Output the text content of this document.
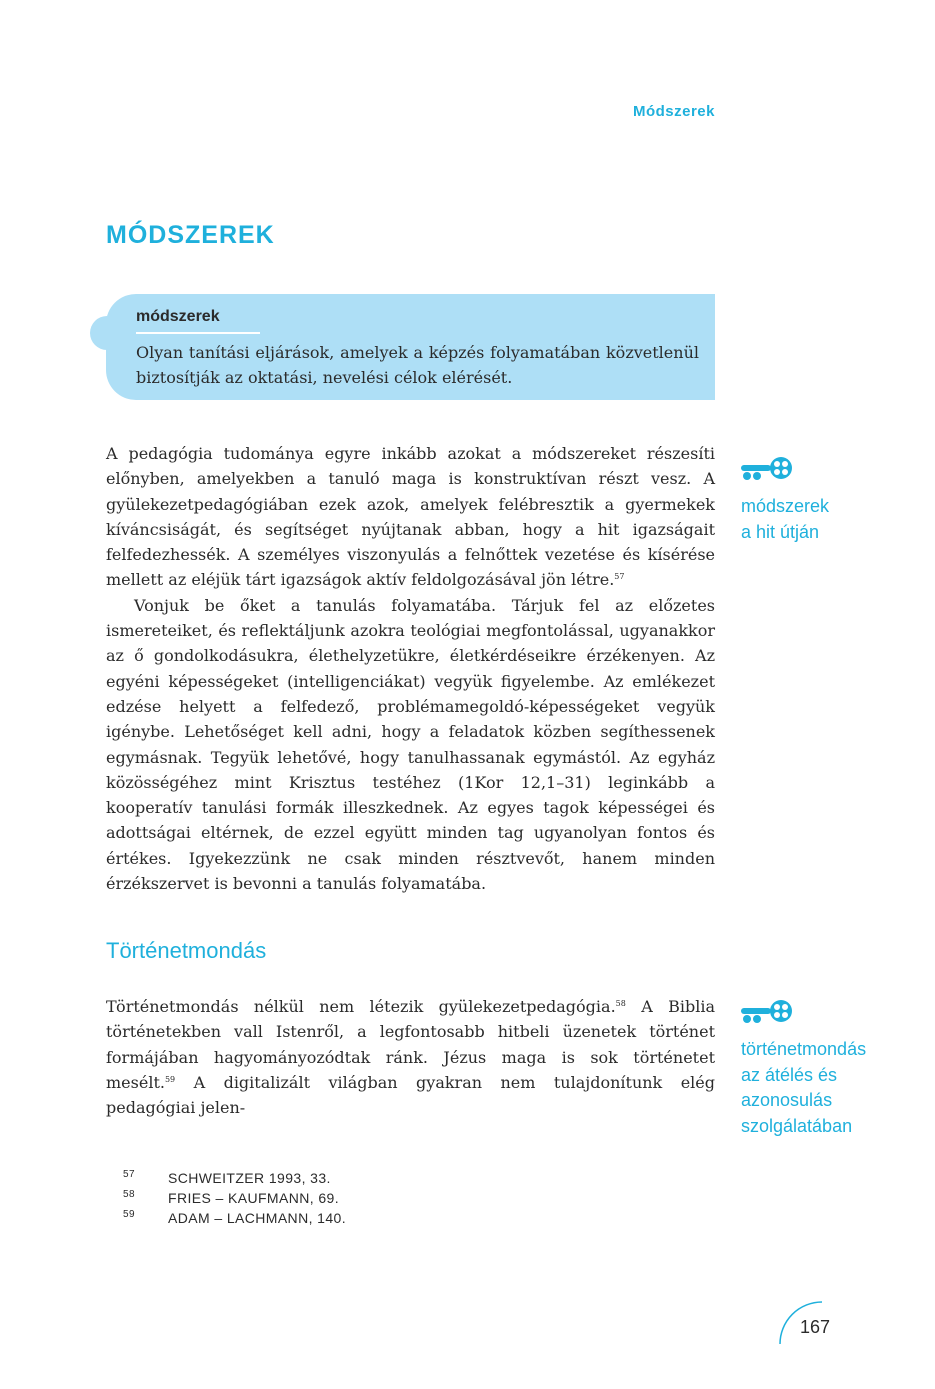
Módszerek
MÓDSZEREK
módszerek
Olyan tanítási eljárások, amelyek a képzés folyamatában közvetlenül biztosítják az oktatási, nevelési célok elérését.

A pedagógia tudománya egyre inkább azokat a módszereket részesíti előnyben, amelyekben a tanuló maga is konstruktívan részt vesz. A gyülekezetpedagógiában ezek azok, amelyek felébresztik a gyermekek kíváncsiságát, és segítséget nyújtanak abban, hogy a hit igazságait felfedezhessék. A személyes viszonyulás a felnőttek vezetése és kísérése mellett az eléjük tárt igazságok aktív feldolgozásával jön létre.$^{57}$

Vonjuk be őket a tanulás folyamatába. Tárjuk fel az előzetes ismereteiket, és reflektáljunk azokra teológiai megfontolással, ugyanakkor az ő gondolkodásukra, élethelyzetükre, életkérdéseikre érzékenyen. Az egyéni képességeket (intelligenciákat) vegyük figyelembe. Az emlékezet edzése helyett a felfedező, problémamegoldó-képességeket vegyük igénybe. Lehetőséget kell adni, hogy a feladatok közben segíthessenek egymásnak. Tegyük lehetővé, hogy tanulhassanak egymástól. Az egyház közösségéhez mint Krisztus testéhez (1Kor 12,1–31) leginkább a kooperatív tanulási formák illeszkednek. Az egyes tagok képességei és adottságai eltérnek, de ezzel együtt minden tag ugyanolyan fontos és értékes. Igyekezzünk ne csak minden résztvevőt, hanem minden érzékszervet is bevonni a tanulás folyamatába.

módszerek
a hit útján
Történetmondás

Történetmondás nélkül nem létezik gyülekezetpedagógia.$^{58}$ A Biblia történetekben vall Istenről, a legfontosabb hitbeli üzenetek történet formájában hagyományozódtak ránk. Jézus maga is sok történetet mesélt.$^{59}$ A digitalizált világban gyakran nem tulajdonítunk elég pedagógiai jelen-

történetmondás
az átélés és
azonosulás
szolgálatában
57	SCHWEITZER 1993, 33.
58	FRIES – KAUFMANN, 69.
59	ADAM – LACHMANN, 140.
167
